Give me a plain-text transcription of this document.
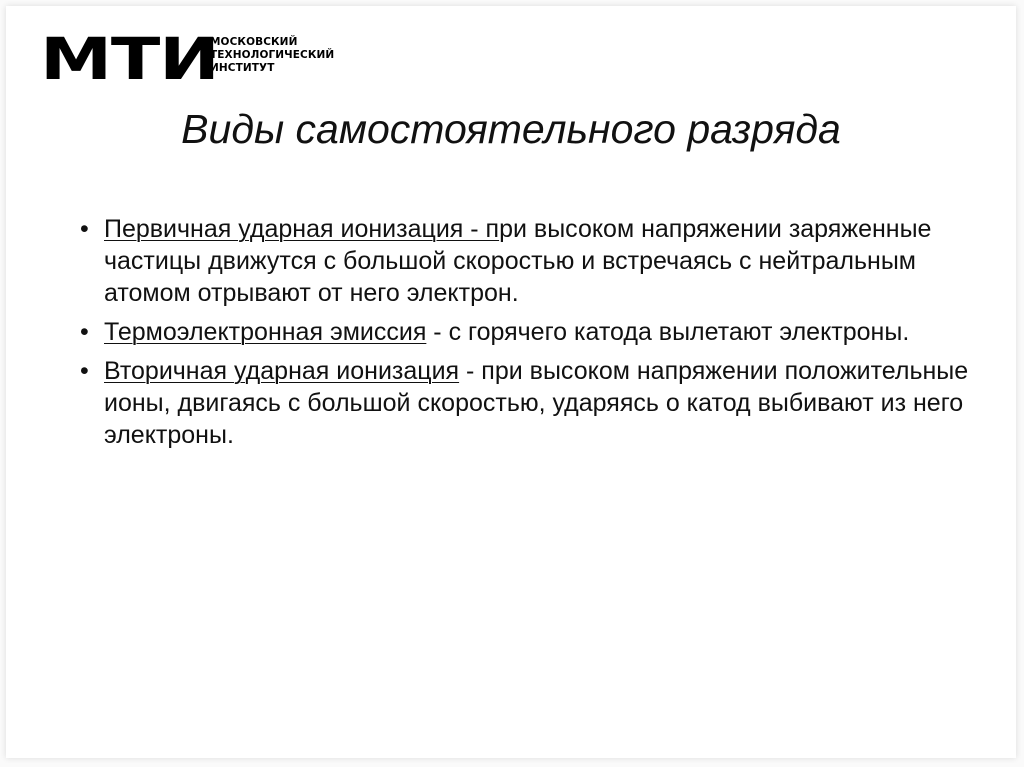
МТИ
МОСКОВСКИЙ
ТЕХНОЛОГИЧЕСКИЙ
ИНСТИТУТ
Виды самостоятельного разряда
• Первичная ударная ионизация - при высоком напряжении заряженные частицы движутся с большой скоростью и встречаясь с нейтральным атомом отрывают от него электрон.
• Термоэлектронная эмиссия - с горячего катода вылетают электроны.
• Вторичная ударная ионизация - при высоком напряжении положительные ионы, двигаясь с большой скоростью, ударяясь о катод выбивают из него электроны.
